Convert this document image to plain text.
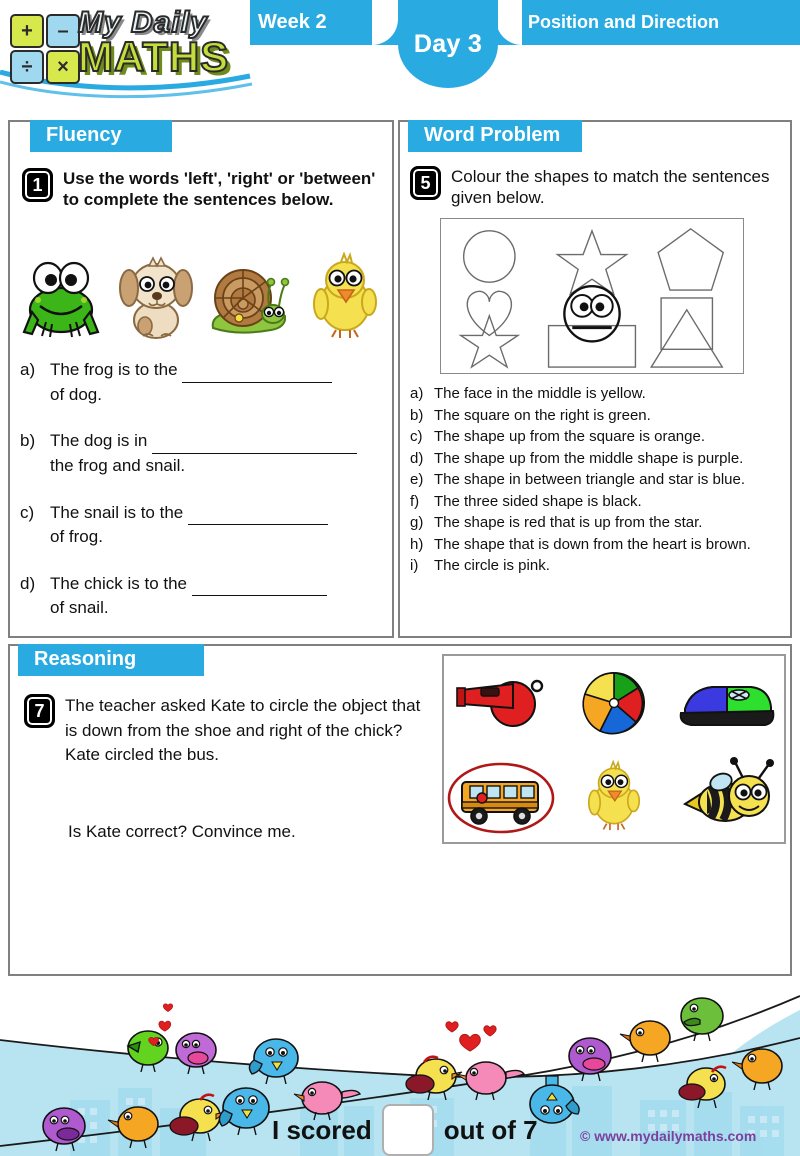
Day 3
Week 2	Position and Direction
+ –
÷ ×
My Daily
MATHS
Fluency
1 Use the words 'left', 'right' or 'between' to complete the sentences below.
a) The frog is to the
of dog.
b) The dog is in
the frog and snail.
c) The snail is to the
of frog.
d) The chick is to the
of snail.
Word Problem
5 Colour the shapes to match the sentences given below.
a) The face in the middle is yellow.
b) The square on the right is green.
c) The shape up from the square is orange.
d) The shape up from the middle shape is purple.
e) The shape in between triangle and star is blue.
f) The three sided shape is black.
g) The shape is red that is up from the star.
h) The shape that is down from the heart is brown.
i)	The circle is pink.
Reasoning
7 The teacher asked Kate to circle the object that is down from the shoe and right of the chick?
Kate circled the bus.
Is Kate correct? Convince me.
I scored	out of 7	© www.mydailymaths.com
